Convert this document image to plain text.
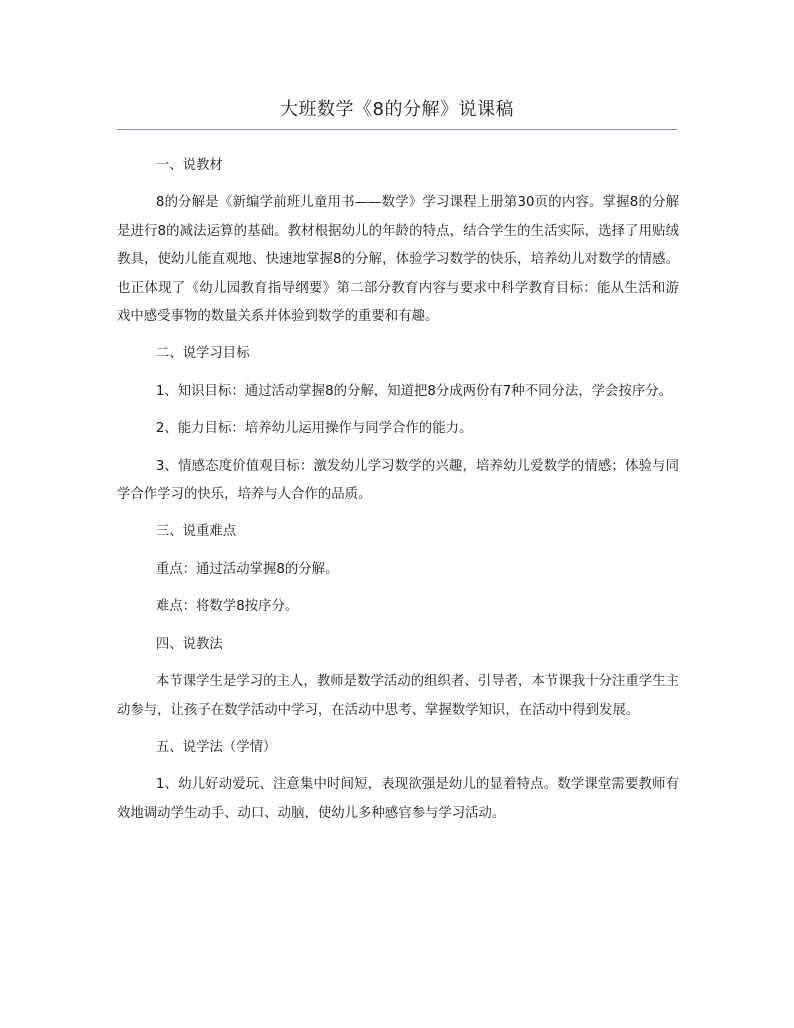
大班数学《8的分解》说课稿

一、说教材

8的分解是《新编学前班儿童用书——数学》学习课程上册第30页的内容。掌握8的分解是进行8的减法运算的基础。教材根据幼儿的年龄的特点，结合学生的生活实际，选择了用贴绒教具，使幼儿能直观地、快速地掌握8的分解，体验学习数学的快乐，培养幼儿对数学的情感。也正体现了《幼儿园教育指导纲要》第二部分教育内容与要求中科学教育目标：能从生活和游戏中感受事物的数量关系并体验到数学的重要和有趣。

二、说学习目标

1、知识目标：通过活动掌握8的分解，知道把8分成两份有7种不同分法，学会按序分。

2、能力目标：培养幼儿运用操作与同学合作的能力。

3、情感态度价值观目标：激发幼儿学习数学的兴趣，培养幼儿爱数学的情感；体验与同学合作学习的快乐，培养与人合作的品质。

三、说重难点

重点：通过活动掌握8的分解。

难点：将数学8按序分。

四、说教法

本节课学生是学习的主人，教师是数学活动的组织者、引导者，本节课我十分注重学生主动参与，让孩子在数学活动中学习，在活动中思考、掌握数学知识，在活动中得到发展。

五、说学法（学情）

1、幼儿好动爱玩、注意集中时间短，表现欲强是幼儿的显着特点。数学课堂需要教师有效地调动学生动手、动口、动脑，使幼儿多种感官参与学习活动。
